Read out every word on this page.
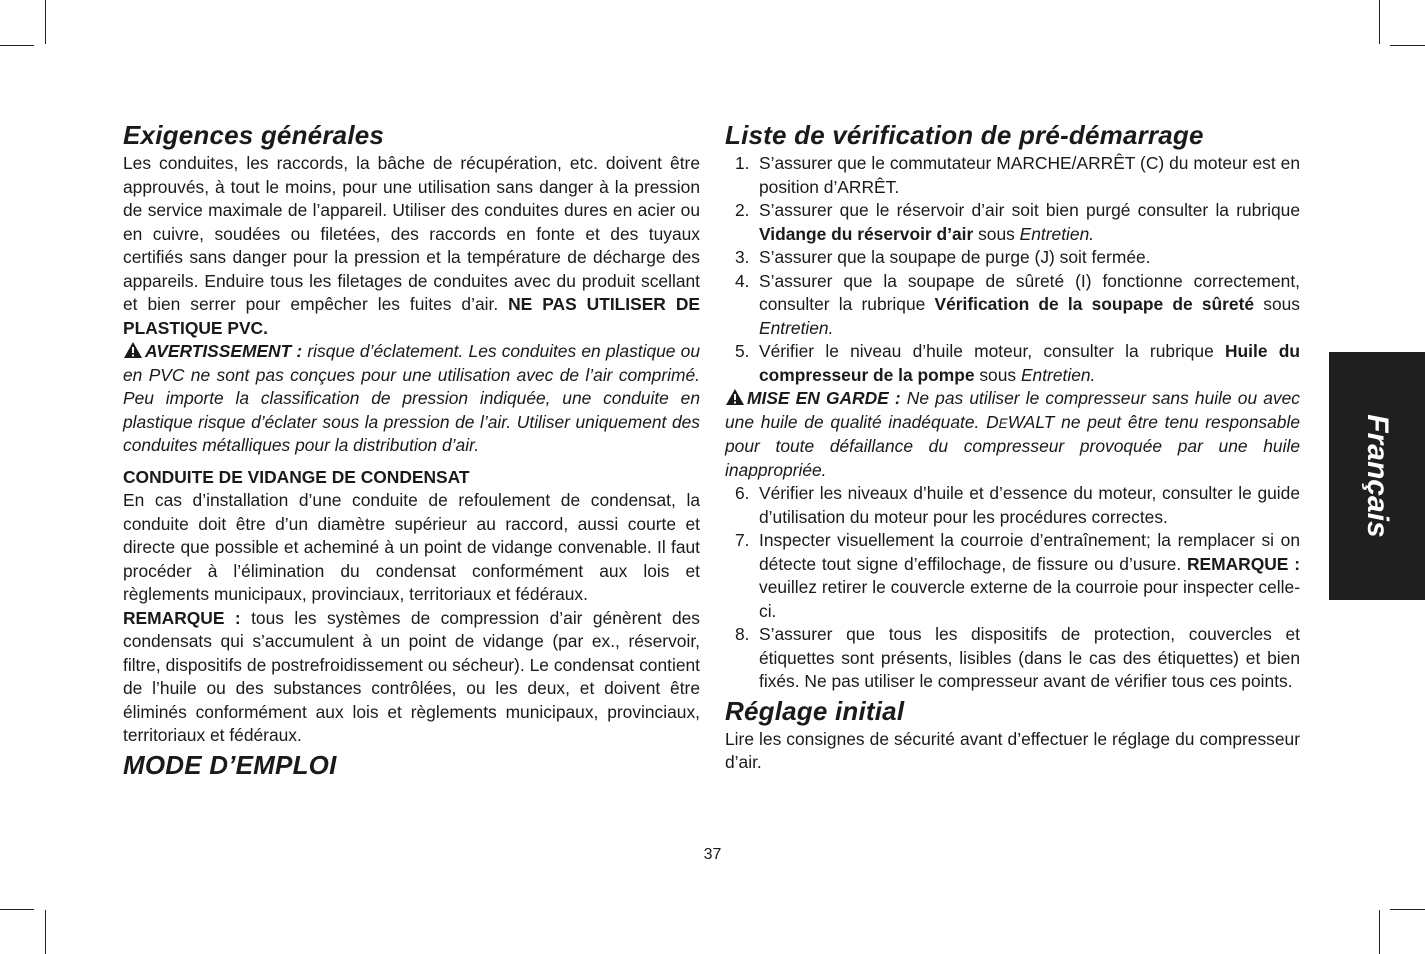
Exigences générales

Les conduites, les raccords, la bâche de récupération, etc. doivent être approuvés, à tout le moins, pour une utilisation sans danger à la pression de service maximale de l’appareil. Utiliser des conduites dures en acier ou en cuivre, soudées ou filetées, des raccords en fonte et des tuyaux certifiés sans danger pour la pression et la température de décharge des appareils. Enduire tous les filetages de conduites avec du produit scellant et bien serrer pour empêcher les fuites d’air. NE PAS UTILISER DE PLASTIQUE PVC.

AVERTISSEMENT : risque d’éclatement. Les conduites en plastique ou en PVC ne sont pas conçues pour une utilisation avec de l’air comprimé. Peu importe la classification de pression indiquée, une conduite en plastique risque d’éclater sous la pression de l’air. Utiliser uniquement des conduites métalliques pour la distribution d’air.

CONDUITE DE VIDANGE DE CONDENSAT

En cas d’installation d’une conduite de refoulement de condensat, la conduite doit être d’un diamètre supérieur au raccord, aussi courte et directe que possible et acheminé à un point de vidange convenable. Il faut procéder à l’élimination du condensat conformément aux lois et règlements municipaux, provinciaux, territoriaux et fédéraux.

REMARQUE : tous les systèmes de compression d’air génèrent des condensats qui s’accumulent à un point de vidange (par ex., réservoir, filtre, dispositifs de postrefroidissement ou sécheur). Le condensat contient de l’huile ou des substances contrôlées, ou les deux, et doivent être éliminés conformément aux lois et règlements municipaux, provinciaux, territoriaux et fédéraux.

MODE D’EMPLOI
Liste de vérification de pré-démarrage
1. S’assurer que le commutateur MARCHE/ARRÊT (C) du moteur est en position d’ARRÊT.
2. S’assurer que le réservoir d’air soit bien purgé consulter la rubrique Vidange du réservoir d’air sous Entretien.
3. S’assurer que la soupape de purge (J) soit fermée.
4. S’assurer que la soupape de sûreté (I) fonctionne correctement, consulter la rubrique Vérification de la soupape de sûreté sous Entretien.
5. Vérifier le niveau d’huile moteur, consulter la rubrique Huile du compresseur de la pompe sous Entretien.

MISE EN GARDE : Ne pas utiliser le compresseur sans huile ou avec une huile de qualité inadéquate. DEWALT ne peut être tenu responsable pour toute défaillance du compresseur provoquée par une huile inappropriée.

6. Vérifier les niveaux d’huile et d’essence du moteur, consulter le guide d’utilisation du moteur pour les procédures correctes.
7. Inspecter visuellement la courroie d’entraînement; la remplacer si on détecte tout signe d’effilochage, de fissure ou d’usure. REMARQUE : veuillez retirer le couvercle externe de la courroie pour inspecter celle-ci.
8. S’assurer que tous les dispositifs de protection, couvercles et étiquettes sont présents, lisibles (dans le cas des étiquettes) et bien fixés. Ne pas utiliser le compresseur avant de vérifier tous ces points.
Réglage initial

Lire les consignes de sécurité avant d’effectuer le réglage du compresseur d’air.

Français
37
